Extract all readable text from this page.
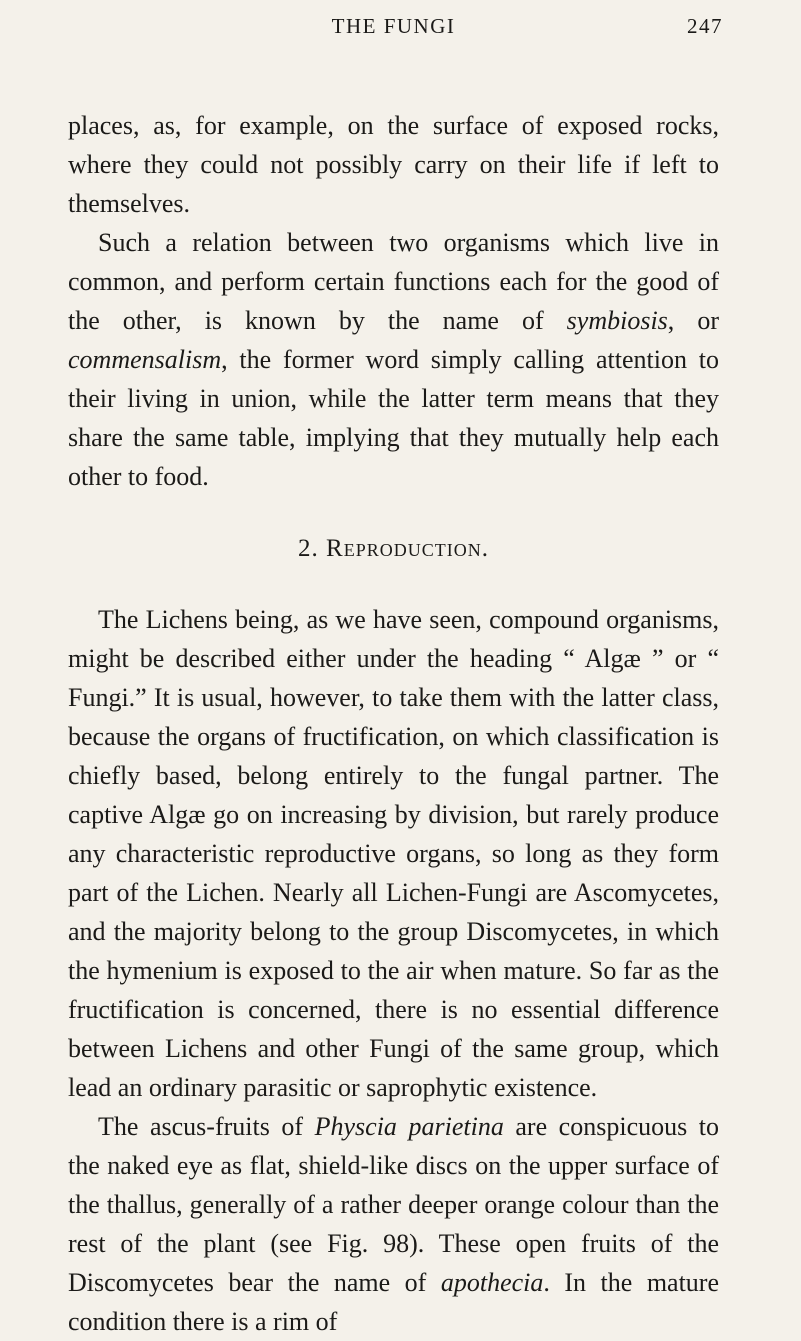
THE FUNGI	247

places, as, for example, on the surface of exposed rocks, where they could not possibly carry on their life if left to themselves.

Such a relation between two organisms which live in common, and perform certain functions each for the good of the other, is known by the name of symbiosis, or commensalism, the former word simply calling attention to their living in union, while the latter term means that they share the same table, implying that they mutually help each other to food.

2. Reproduction.

The Lichens being, as we have seen, compound organisms, might be described either under the heading “ Algæ ” or “ Fungi.” It is usual, however, to take them with the latter class, because the organs of fructification, on which classification is chiefly based, belong entirely to the fungal partner. The captive Algæ go on increasing by division, but rarely produce any characteristic reproductive organs, so long as they form part of the Lichen. Nearly all Lichen-Fungi are Ascomycetes, and the majority belong to the group Discomycetes, in which the hymenium is exposed to the air when mature. So far as the fructification is concerned, there is no essential difference between Lichens and other Fungi of the same group, which lead an ordinary parasitic or saprophytic existence.

The ascus-fruits of Physcia parietina are conspicuous to the naked eye as flat, shield-like discs on the upper surface of the thallus, generally of a rather deeper orange colour than the rest of the plant (see Fig. 98). These open fruits of the Discomycetes bear the name of apothecia. In the mature condition there is a rim of
